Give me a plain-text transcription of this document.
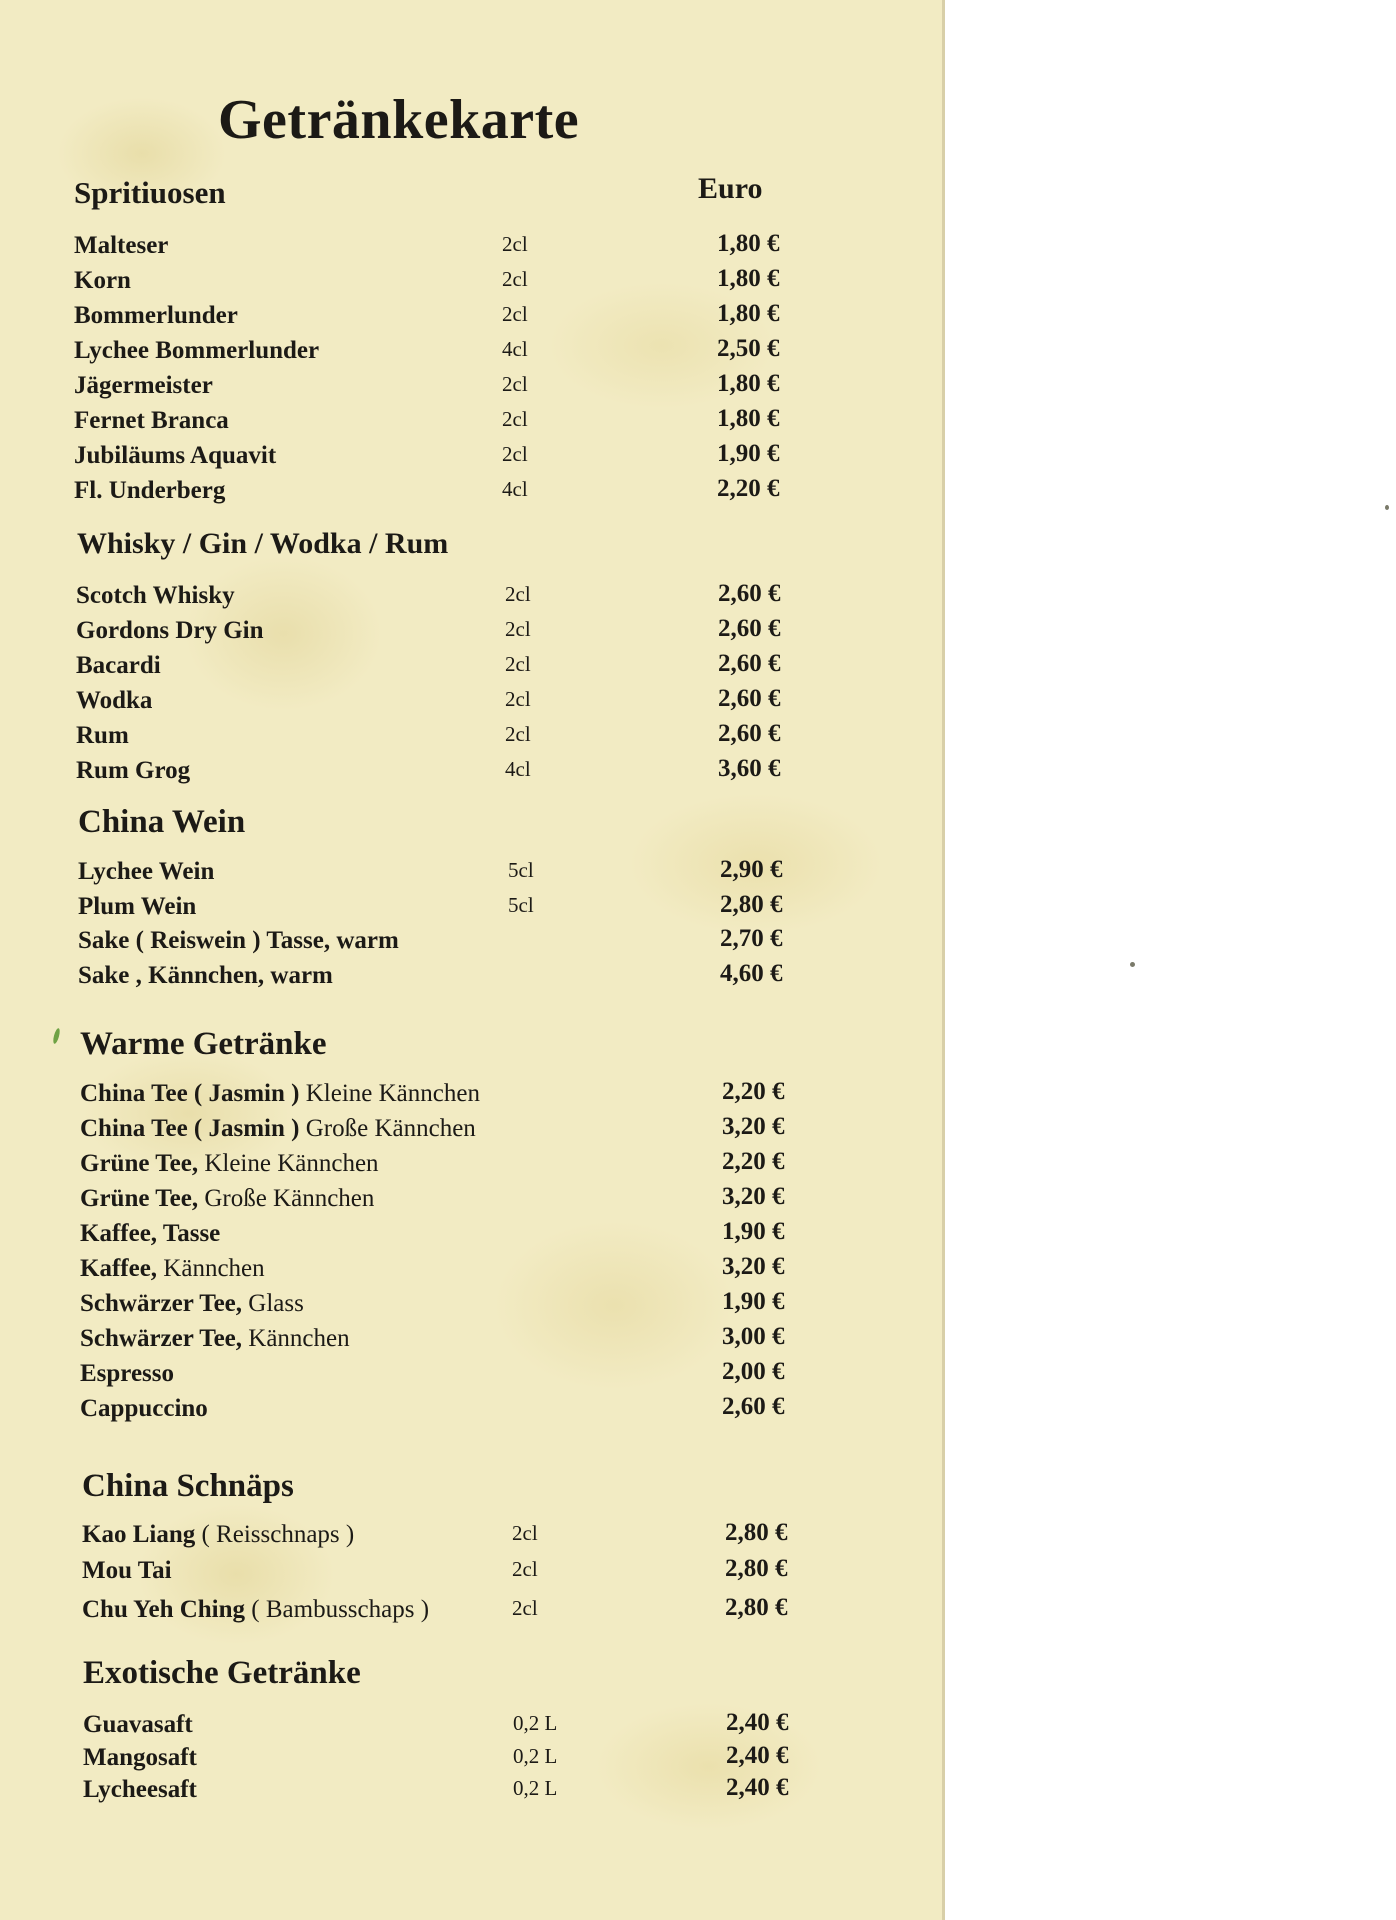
Getränkekarte
Euro
Spritiuosen
Malteser	2cl	1,80 €
Korn	2cl	1,80 €
Bommerlunder	2cl	1,80 €
Lychee Bommerlunder	4cl	2,50 €
Jägermeister	2cl	1,80 €
Fernet Branca	2cl	1,80 €
Jubiläums Aquavit	2cl	1,90 €
Fl. Underberg	4cl	2,20 €
Whisky / Gin / Wodka / Rum
Scotch Whisky	2cl	2,60 €
Gordons Dry Gin	2cl	2,60 €
Bacardi	2cl	2,60 €
Wodka	2cl	2,60 €
Rum	2cl	2,60 €
Rum Grog	4cl	3,60 €
China Wein
Lychee Wein	5cl	2,90 €
Plum Wein	5cl	2,80 €
Sake ( Reiswein ) Tasse, warm	2,70 €
Sake , Kännchen, warm	4,60 €
Warme Getränke
China Tee ( Jasmin ) Kleine Kännchen	2,20 €
China Tee ( Jasmin ) Große Kännchen	3,20 €
Grüne Tee, Kleine Kännchen	2,20 €
Grüne Tee, Große Kännchen	3,20 €
Kaffee, Tasse	1,90 €
Kaffee, Kännchen	3,20 €
Schwärzer Tee, Glass	1,90 €
Schwärzer Tee, Kännchen	3,00 €
Espresso	2,00 €
Cappuccino	2,60 €
China Schnäps
Kao Liang ( Reisschnaps )	2cl	2,80 €
Mou Tai	2cl	2,80 €
Chu Yeh Ching ( Bambusschaps )	2cl	2,80 €
Exotische Getränke
Guavasaft	0,2 L	2,40 €
Mangosaft	0,2 L	2,40 €
Lycheesaft	0,2 L	2,40 €
